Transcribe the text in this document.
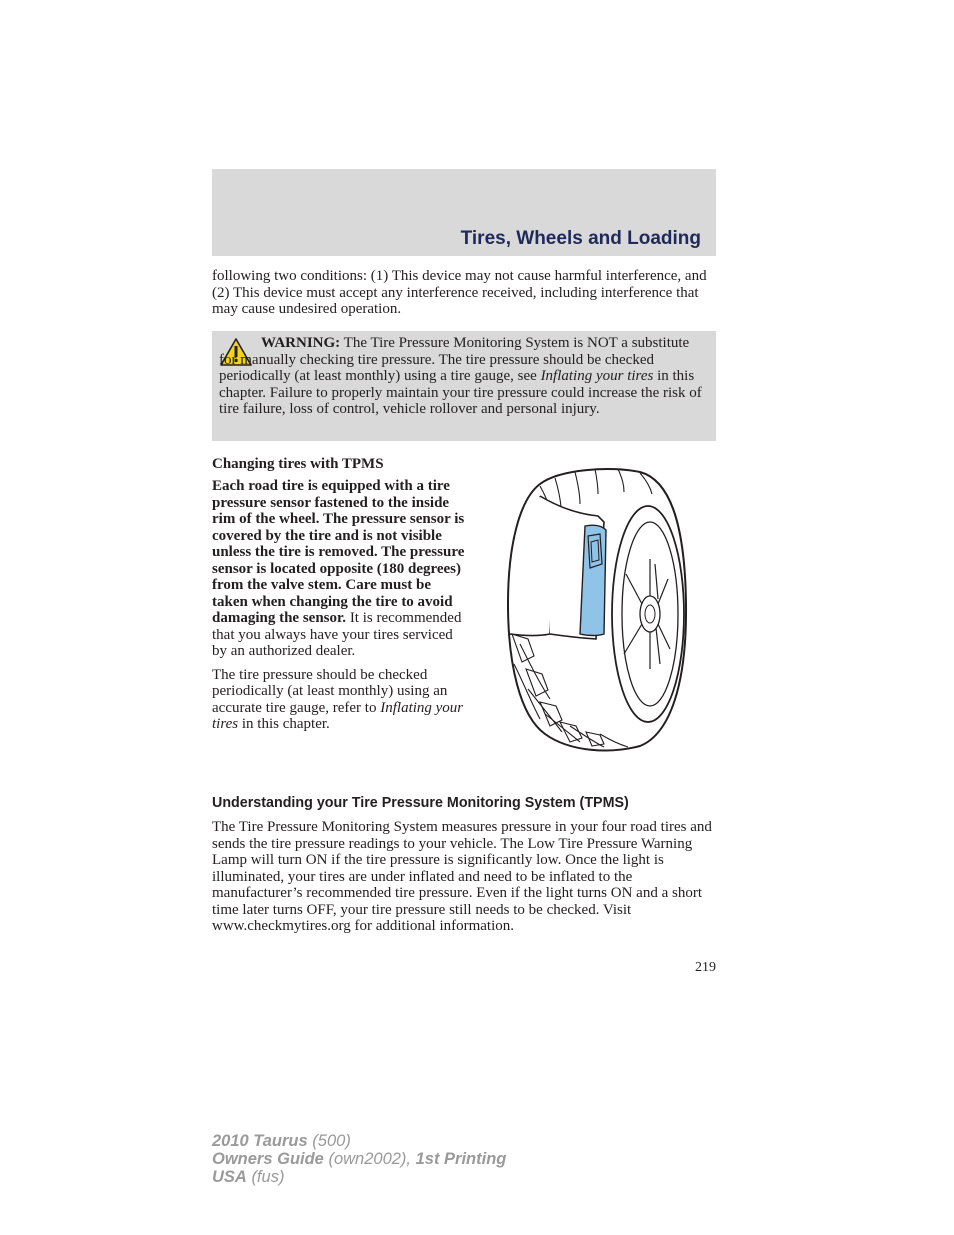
Tires, Wheels and Loading
following two conditions: (1) This device may not cause harmful interference, and (2) This device must accept any interference received, including interference that may cause undesired operation.
WARNING: The Tire Pressure Monitoring System is NOT a substitute for manually checking tire pressure. The tire pressure should be checked periodically (at least monthly) using a tire gauge, see Inflating your tires in this chapter. Failure to properly maintain your tire pressure could increase the risk of tire failure, loss of control, vehicle rollover and personal injury.
Changing tires with TPMS

Each road tire is equipped with a tire pressure sensor fastened to the inside rim of the wheel. The pressure sensor is covered by the tire and is not visible unless the tire is removed. The pressure sensor is located opposite (180 degrees) from the valve stem. Care must be taken when changing the tire to avoid damaging the sensor. It is recommended that you always have your tires serviced by an authorized dealer.

The tire pressure should be checked periodically (at least monthly) using an accurate tire gauge, refer to Inflating your tires in this chapter.

Understanding your Tire Pressure Monitoring System (TPMS)
The Tire Pressure Monitoring System measures pressure in your four road tires and sends the tire pressure readings to your vehicle. The Low Tire Pressure Warning Lamp will turn ON if the tire pressure is significantly low. Once the light is illuminated, your tires are under inflated and need to be inflated to the manufacturer’s recommended tire pressure. Even if the light turns ON and a short time later turns OFF, your tire pressure still needs to be checked. Visit www.checkmytires.org for additional information.
219
2010 Taurus (500)
Owners Guide (own2002), 1st Printing
USA (fus)
